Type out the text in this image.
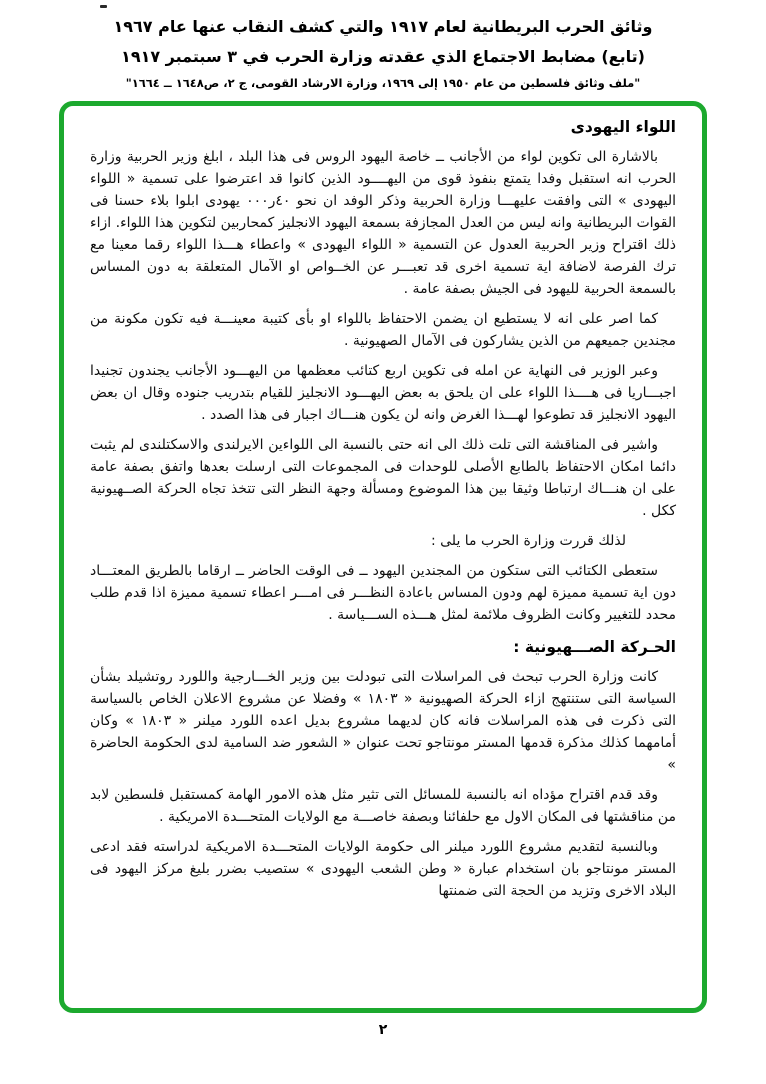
وثائق الحرب البريطانية لعام ١٩١٧ والتي كشف النقاب عنها عام ١٩٦٧
(تابع) مضابط الاجتماع الذي عقدته وزارة الحرب في ٣ سبتمبر ١٩١٧
"ملف وثائق فلسطين من عام ١٩٥٠ إلى ١٩٦٩، وزارة الارشاد القومى، ج ٢، ص١٦٤٨ ــ ١٦٦٤"
اللواء اليهودى

بالاشارة الى تكوين لواء من الأجانب ــ خاصة اليهود الروس فى هذا البلد ، ابلغ وزير الحربية وزارة الحرب انه استقبل وفدا يتمتع بنفوذ قوى من اليهــــود الذين كانوا قد اعترضوا على تسمية « اللواء اليهودى » التى وافقت عليهـــا وزارة الحربية وذكر الوفد ان نحو ٤٠ر٠٠٠ يهودى ابلوا بلاء حسنا فى القوات البريطانية وانه ليس من العدل المجازفة بسمعة اليهود الانجليز كمحاربين لتكوين هذا اللواء. ازاء ذلك اقتراح وزير الحربية العدول عن التسمية « اللواء اليهودى » واعطاء هـــذا اللواء رقما معينا مع ترك الفرصة لاضافة اية تسمية اخرى قد تعبـــر عن الخــواص او الآمال المتعلقة به دون المساس بالسمعة الحربية لليهود فى الجيش بصفة عامة .

كما اصر على انه لا يستطيع ان يضمن الاحتفاظ باللواء او بأى كتيبة معينـــة فيه تكون مكونة من مجندين جميعهم من الذين يشاركون فى الآمال الصهيونية .

وعبر الوزير فى النهاية عن امله فى تكوين اربع كتائب معظمها من اليهـــود الأجانب يجندون تجنيدا اجبـــاريا فى هــــذا اللواء على ان يلحق به بعض اليهـــود الانجليز للقيام بتدريب جنوده وقال ان بعض اليهود الانجليز قد تطوعوا لهـــذا الغرض وانه لن يكون هنـــاك اجبار فى هذا الصدد .

واشير فى المناقشة التى تلت ذلك الى انه حتى بالنسبة الى اللواءين الايرلندى والاسكتلندى لم يثبت دائما امكان الاحتفاظ بالطابع الأصلى للوحدات فى المجموعات التى ارسلت بعدها واتفق بصفة عامة على ان هنـــاك ارتباطا وثيقا بين هذا الموضوع ومسألة وجهة النظر التى تتخذ تجاه الحركة الصــهيونية ككل .

لذلك قررت وزارة الحرب ما يلى :

ستعطى الكتائب التى ستكون من المجندين اليهود ــ فى الوقت الحاضر ــ ارقاما بالطريق المعتـــاد دون اية تسمية مميزة لهم ودون المساس باعادة النظـــر فى امـــر اعطاء تسمية مميزة اذا قدم طلب محدد للتغيير وكانت الظروف ملائمة لمثل هـــذه الســـياسة .

الحـركة الصـــهيونية :

كانت وزارة الحرب تبحث فى المراسلات التى تبودلت بين وزير الخـــارجية واللورد روتشيلد بشأن السياسة التى ستنتهج ازاء الحركة الصهيونية « ١٨٠٣ » وفضلا عن مشروع الاعلان الخاص بالسياسة التى ذكرت فى هذه المراسلات فانه كان لديهما مشروع بديل اعده اللورد ميلنر « ١٨٠٣ » وكان أمامهما كذلك مذكرة قدمها المستر مونتاجو تحت عنوان « الشعور ضد السامية لدى الحكومة الحاضرة »

وقد قدم اقتراح مؤداه انه بالنسبة للمسائل التى تثير مثل هذه الامور الهامة كمستقبل فلسطين لابد من مناقشتها فى المكان الاول مع حلفائنا وبصفة خاصـــة مع الولايات المتحـــدة الامريكية .

وبالنسبة لتقديم مشروع اللورد ميلنر الى حكومة الولايات المتحـــدة الامريكية لدراسته فقد ادعى المستر مونتاجو بان استخدام عبارة « وطن الشعب اليهودى » ستصيب بضرر بليغ مركز اليهود فى البلاد الاخرى وتزيد من الحجة التى ضمنتها

٢
